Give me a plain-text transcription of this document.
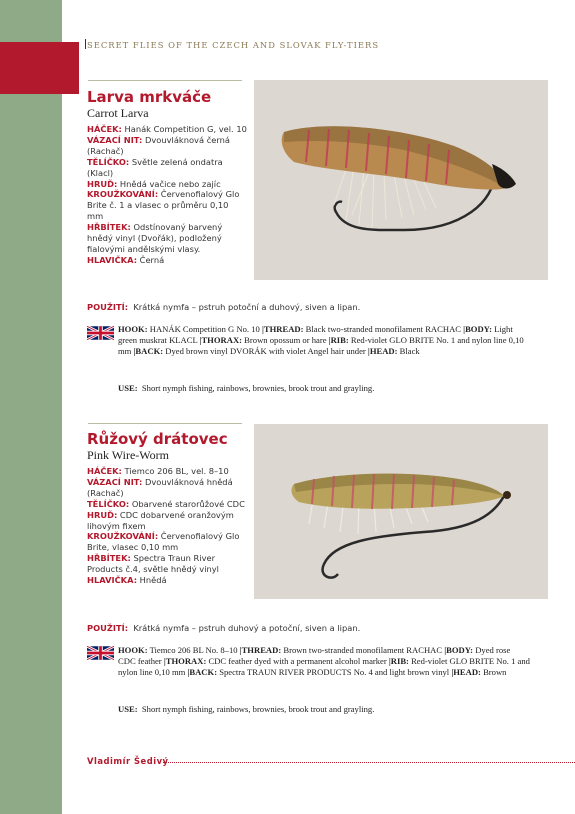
SECRET FLIES OF THE CZECH AND SLOVAK FLY-TIERS
Larva mrkváče
Carrot Larva
HÁČEK: Hanák Competition G, vel. 10
VÁZACÍ NIT: Dvouvláknová černá (Rachač)
TĚLÍČKO: Světle zelená ondatra (Klacl)
HRUĎ: Hnědá vačice nebo zajíc
KROUŽKOVÁNÍ: Červenofialový Glo Brite č. 1 a vlasec o průměru 0,10 mm
HŘBÍTEK: Odstínovaný barvený hnědý vinyl (Dvořák), podložený fialovými andělskými vlasy.
HLAVIČKA: Černá
POUŽITÍ: Krátká nymfa – pstruh potoční a duhový, siven a lipan.
HOOK: HANÁK Competition G No. 10 |THREAD: Black two-stranded monofilament RACHAC |BODY: Light green muskrat KLACL |THORAX: Brown opossum or hare |RIB: Red-violet GLO BRITE No. 1 and nylon line 0,10 mm |BACK: Dyed brown vinyl DVORÁK with violet Angel hair under |HEAD: Black
USE: Short nymph fishing, rainbows, brownies, brook trout and grayling.
Růžový drátovec
Pink Wire-Worm
HÁČEK: Tiemco 206 BL, vel. 8–10
VÁZACÍ NIT: Dvouvláknová hnědá (Rachač)
TĚLÍČKO: Obarvené starorůžové CDC
HRUĎ: CDC dobarvené oranžovým lihovým fixem
KROUŽKOVÁNÍ: Červenofialový Glo Brite, vlasec 0,10 mm
HŘBÍTEK: Spectra Traun River Products č.4, světle hnědý vinyl
HLAVIČKA: Hnědá
POUŽITÍ: Krátká nymfa – pstruh duhový a potoční, siven a lipan.
HOOK: Tiemco 206 BL No. 8–10 |THREAD: Brown two-stranded monofilament RACHAC |BODY: Dyed rose CDC feather |THORAX: CDC feather dyed with a permanent alcohol marker |RIB: Red-violet GLO BRITE No. 1 and nylon line 0,10 mm |BACK: Spectra TRAUN RIVER PRODUCTS No. 4 and light brown vinyl |HEAD: Brown
USE: Short nymph fishing, rainbows, brownies, brook trout and grayling.
Vladimír Šedivý
